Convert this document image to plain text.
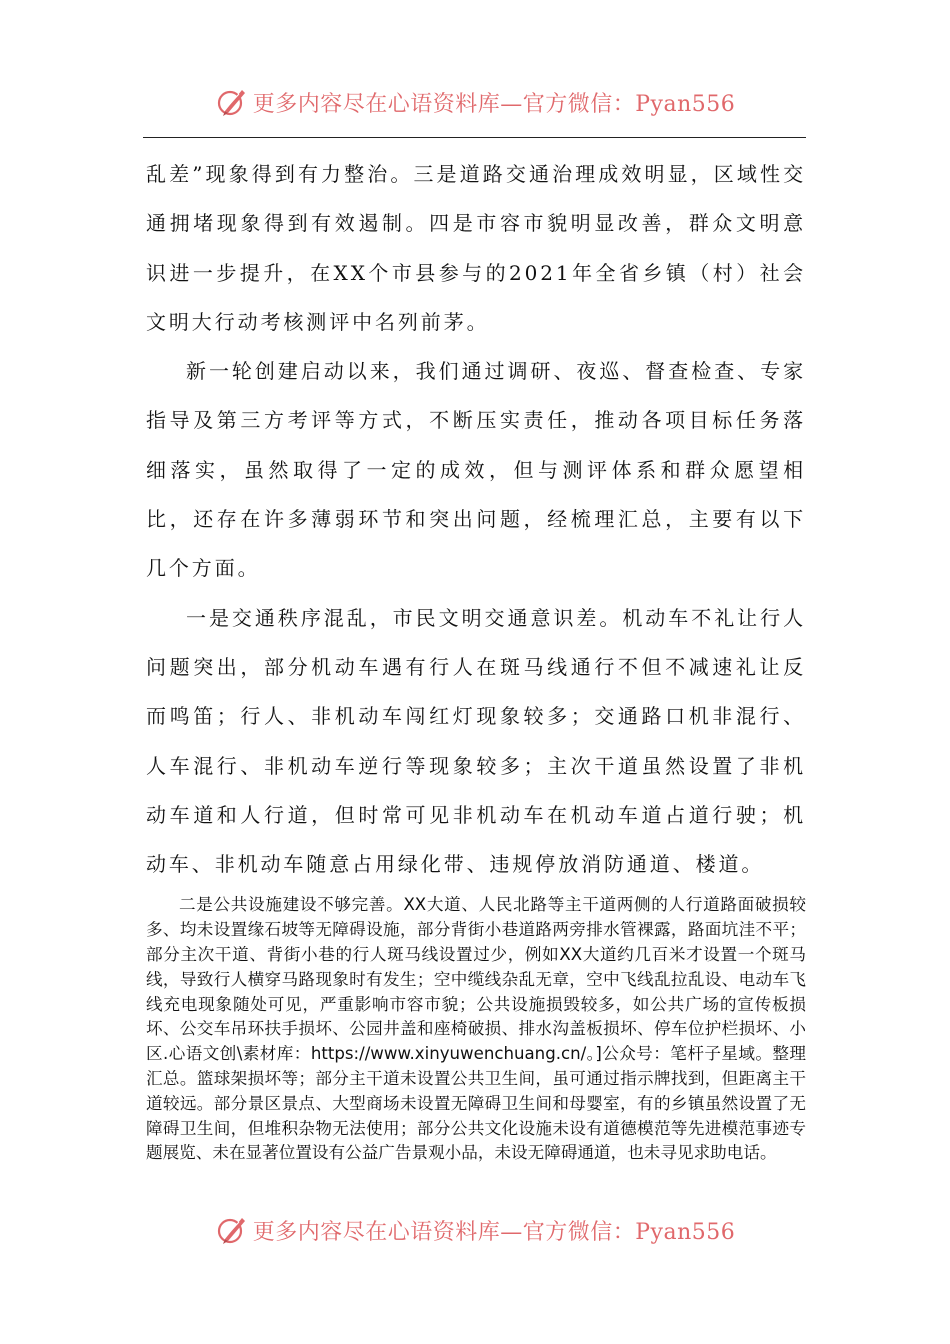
更多内容尽在心语资料库—官方微信：Pyan556

乱差”现象得到有力整治。三是道路交通治理成效明显，区域性交通拥堵现象得到有效遏制。四是市容市貌明显改善，群众文明意识进一步提升，在XX个市县参与的2021年全省乡镇（村）社会文明大行动考核测评中名列前茅。

新一轮创建启动以来，我们通过调研、夜巡、督查检查、专家指导及第三方考评等方式，不断压实责任，推动各项目标任务落细落实，虽然取得了一定的成效，但与测评体系和群众愿望相比，还存在许多薄弱环节和突出问题，经梳理汇总，主要有以下几个方面。

一是交通秩序混乱，市民文明交通意识差。机动车不礼让行人问题突出，部分机动车遇有行人在斑马线通行不但不减速礼让反而鸣笛；行人、非机动车闯红灯现象较多；交通路口机非混行、人车混行、非机动车逆行等现象较多；主次干道虽然设置了非机动车道和人行道，但时常可见非机动车在机动车道占道行驶；机动车、非机动车随意占用绿化带、违规停放消防通道、楼道。

二是公共设施建设不够完善。XX大道、人民北路等主干道两侧的人行道路面破损较多、均未设置缘石坡等无障碍设施，部分背街小巷道路两旁排水管裸露，路面坑洼不平；部分主次干道、背街小巷的行人斑马线设置过少，例如XX大道约几百米才设置一个斑马线，导致行人横穿马路现象时有发生；空中缆线杂乱无章，空中飞线乱拉乱设、电动车飞线充电现象随处可见，严重影响市容市貌；公共设施损毁较多，如公共广场的宣传板损坏、公交车吊环扶手损坏、公园井盖和座椅破损、排水沟盖板损坏、停车位护栏损坏、小区.心语文创\素材库：https://www.xinyuwenchuang.cn/。]公众号：笔杆子星域。整理汇总。篮球架损坏等；部分主干道未设置公共卫生间，虽可通过指示牌找到，但距离主干道较远。部分景区景点、大型商场未设置无障碍卫生间和母婴室，有的乡镇虽然设置了无障碍卫生间，但堆积杂物无法使用；部分公共文化设施未设有道德模范等先进模范事迹专题展览、未在显著位置设有公益广告景观小品，未设无障碍通道，也未寻见求助电话。

更多内容尽在心语资料库—官方微信：Pyan556
